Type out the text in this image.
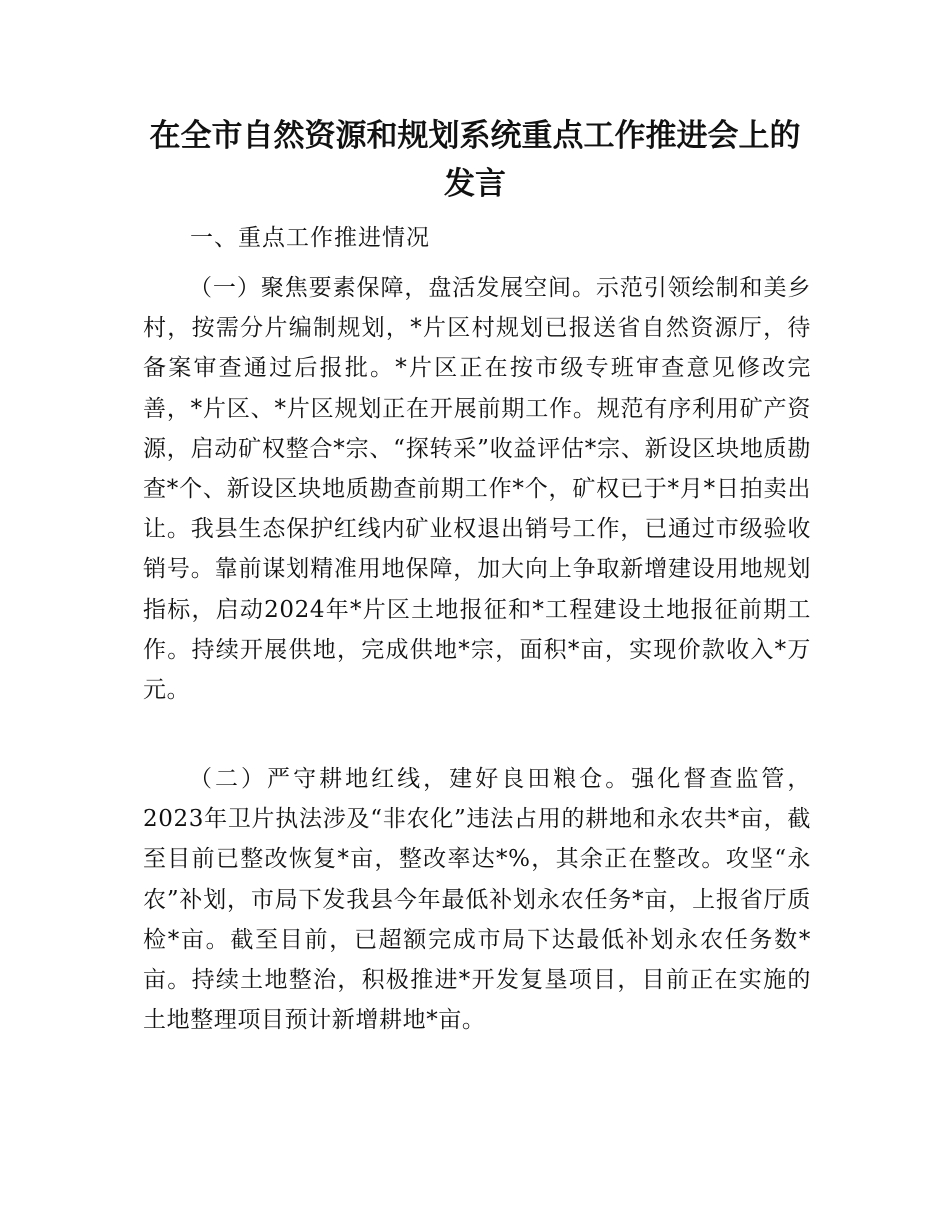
在全市自然资源和规划系统重点工作推进会上的发言

一、重点工作推进情况

（一）聚焦要素保障，盘活发展空间。示范引领绘制和美乡村，按需分片编制规划，*片区村规划已报送省自然资源厅，待备案审查通过后报批。*片区正在按市级专班审查意见修改完善，*片区、*片区规划正在开展前期工作。规范有序利用矿产资源，启动矿权整合*宗、“探转采”收益评估*宗、新设区块地质勘查*个、新设区块地质勘查前期工作*个，矿权已于*月*日拍卖出让。我县生态保护红线内矿业权退出销号工作，已通过市级验收销号。靠前谋划精准用地保障，加大向上争取新增建设用地规划指标，启动2024年*片区土地报征和*工程建设土地报征前期工作。持续开展供地，完成供地*宗，面积*亩，实现价款收入*万元。

（二）严守耕地红线，建好良田粮仓。强化督查监管，2023年卫片执法涉及“非农化”违法占用的耕地和永农共*亩，截至目前已整改恢复*亩，整改率达*%，其余正在整改。攻坚“永农”补划，市局下发我县今年最低补划永农任务*亩，上报省厅质检*亩。截至目前，已超额完成市局下达最低补划永农任务数*亩。持续土地整治，积极推进*开发复垦项目，目前正在实施的土地整理项目预计新增耕地*亩。
